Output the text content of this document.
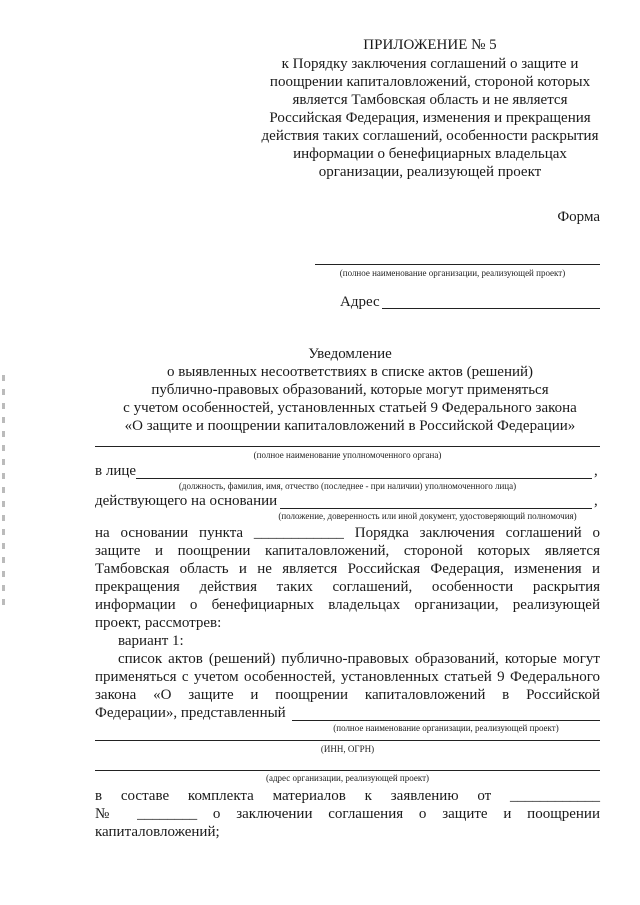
ПРИЛОЖЕНИЕ № 5
к Порядку заключения соглашений о защите и
поощрении капиталовложений, стороной которых
является Тамбовская область и не является
Российская Федерация, изменения и прекращения
действия таких соглашений, особенности раскрытия
информации о бенефициарных владельцах
организации, реализующей проект
Форма
(полное наименование организации, реализующей проект)
Адрес
Уведомление
о выявленных несоответствиях в списке актов (решений)
публично-правовых образований, которые могут применяться
с учетом особенностей, установленных статьей 9 Федерального закона
«О защите и поощрении капиталовложений в Российской Федерации»
(полное наименование уполномоченного органа)
в лице	,
(должность, фамилия, имя, отчество (последнее - при наличии) уполномоченного лица)
действующего на основании	,
(положение, доверенность или иной документ, удостоверяющий полномочия)
на основании пункта ____________ Порядка заключения соглашений о
защите и поощрении капиталовложений, стороной которых является
Тамбовская область и не является Российская Федерация, изменения и
прекращения действия таких соглашений, особенности раскрытия
информации о бенефициарных владельцах организации, реализующей
проект, рассмотрев:
вариант 1:
список актов (решений) публично-правовых образований, которые могут
применяться с учетом особенностей, установленных статьей 9 Федерального
закона «О защите и поощрении капиталовложений в Российской
Федерации», представленный
(полное наименование организации, реализующей проект)
(ИНН, ОГРН)
(адрес организации, реализующей проект)
в составе комплекта материалов к заявлению от ____________
№ ________ о заключении соглашения о защите и поощрении
капиталовложений;
